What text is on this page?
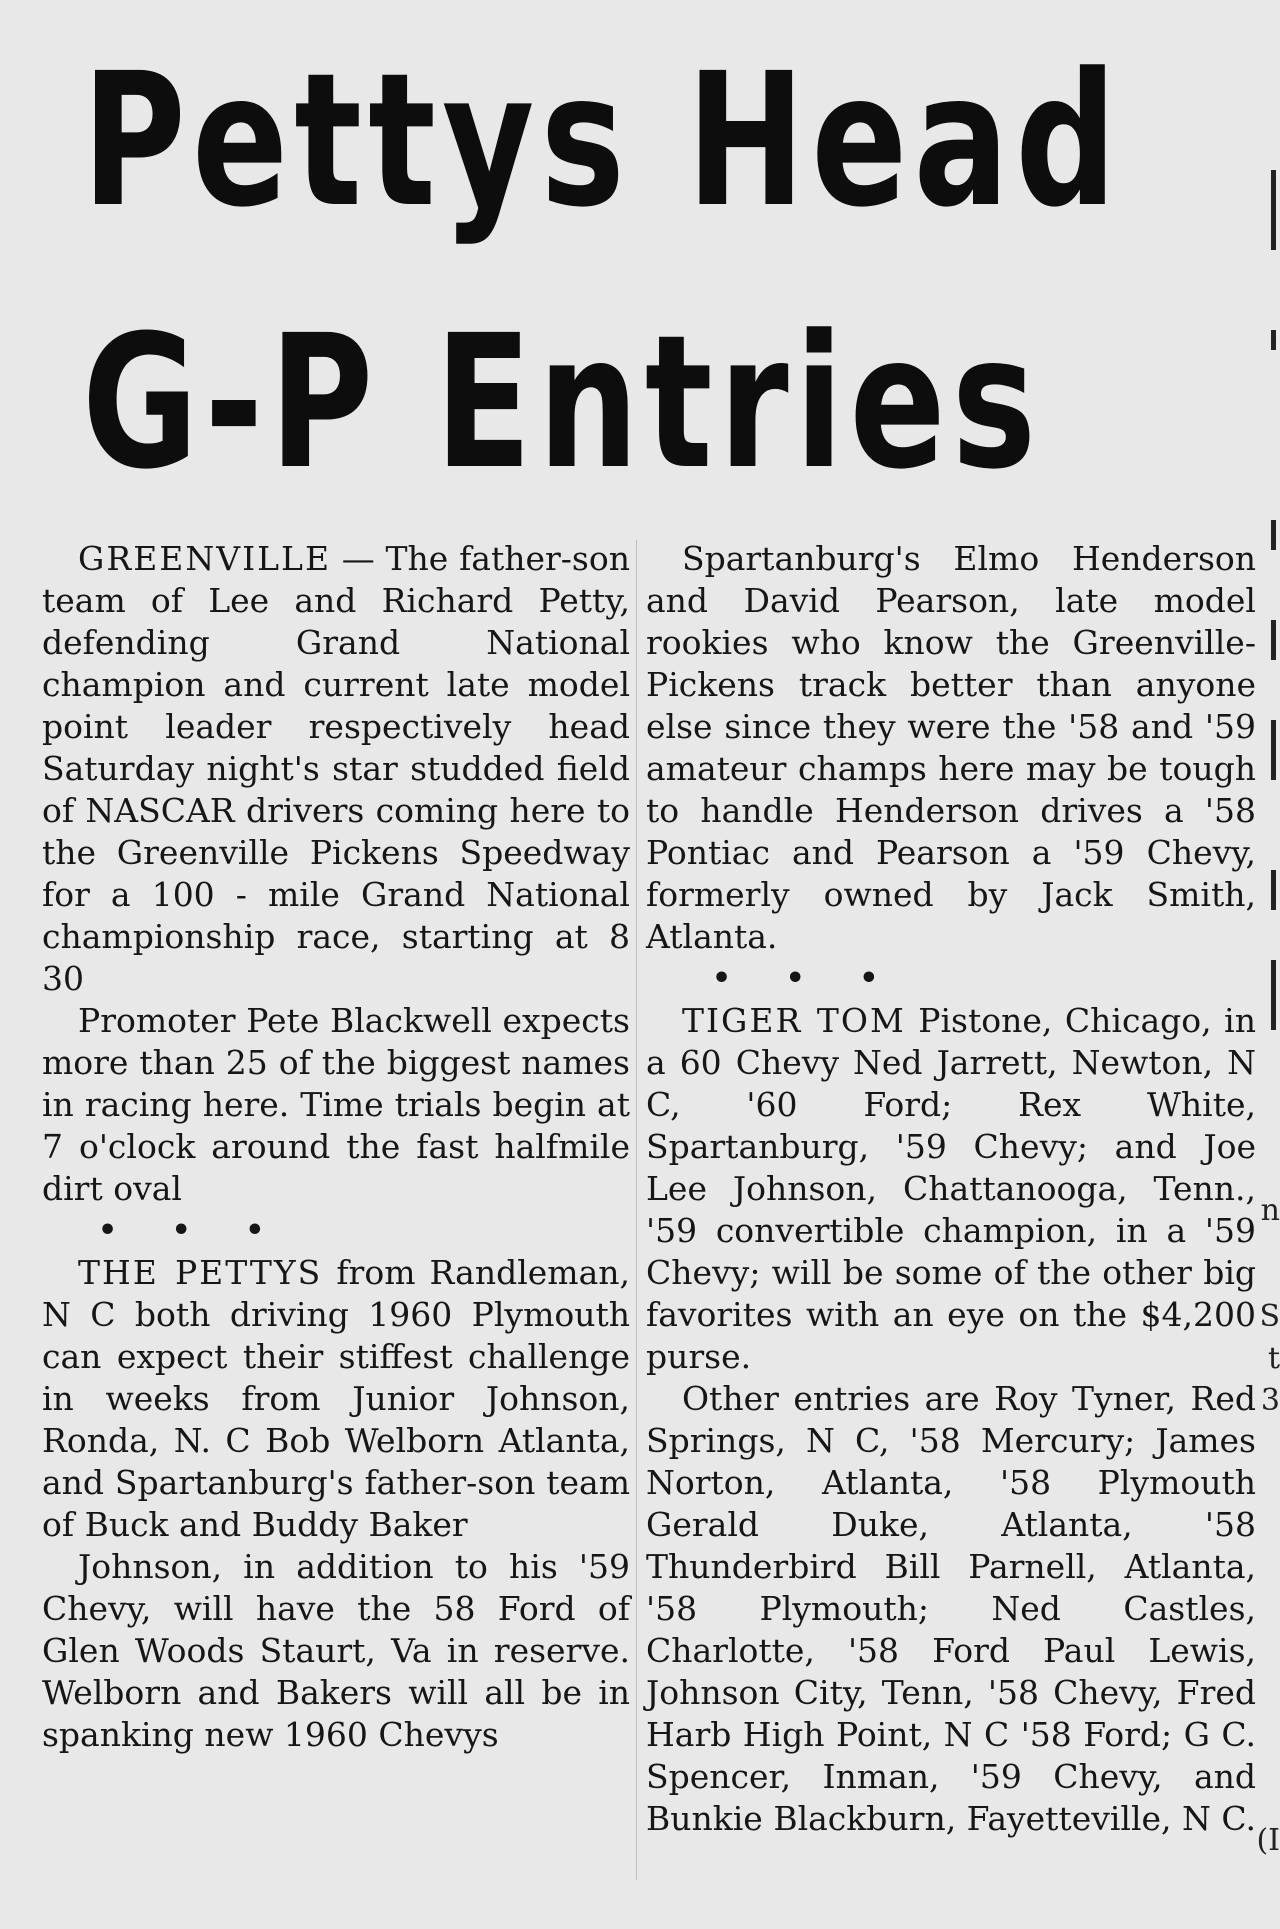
Pettys Head
G-P Entries

GREENVILLE — The father-son team of Lee and Richard Petty, defending Grand National champion and current late model point leader respectively head Saturday night's star studded field of NASCAR drivers coming here to the Greenville Pickens Speedway for a 100 - mile Grand National championship race, starting at 8 30

Promoter Pete Blackwell expects more than 25 of the biggest names in racing here. Time trials begin at 7 o'clock around the fast halfmile dirt oval

• • •

THE PETTYS from Randleman, N C both driving 1960 Plymouth can expect their stiffest challenge in weeks from Junior Johnson, Ronda, N. C Bob Welborn Atlanta, and Spartanburg's father-son team of Buck and Buddy Baker

Johnson, in addition to his '59 Chevy, will have the 58 Ford of Glen Woods Staurt, Va in reserve. Welborn and Bakers will all be in spanking new 1960 Chevys

Spartanburg's Elmo Henderson and David Pearson, late model rookies who know the Greenville-Pickens track better than anyone else since they were the '58 and '59 amateur champs here may be tough to handle Henderson drives a '58 Pontiac and Pearson a '59 Chevy, formerly owned by Jack Smith, Atlanta.

• • •

TIGER TOM Pistone, Chicago, in a 60 Chevy Ned Jarrett, Newton, N C, '60 Ford; Rex White, Spartanburg, '59 Chevy; and Joe Lee Johnson, Chattanooga, Tenn., '59 convertible champion, in a '59 Chevy; will be some of the other big favorites with an eye on the $4,200 purse.

Other entries are Roy Tyner, Red Springs, N C, '58 Mercury; James Norton, Atlanta, '58 Plymouth Gerald Duke, Atlanta, '58 Thunderbird Bill Parnell, Atlanta, '58 Plymouth; Ned Castles, Charlotte, '58 Ford Paul Lewis, Johnson City, Tenn, '58 Chevy, Fred Harb High Point, N C '58 Ford; G C. Spencer, Inman, '59 Chevy, and Bunkie Blackburn, Fayetteville, N C.

n
S
t
3
(I
